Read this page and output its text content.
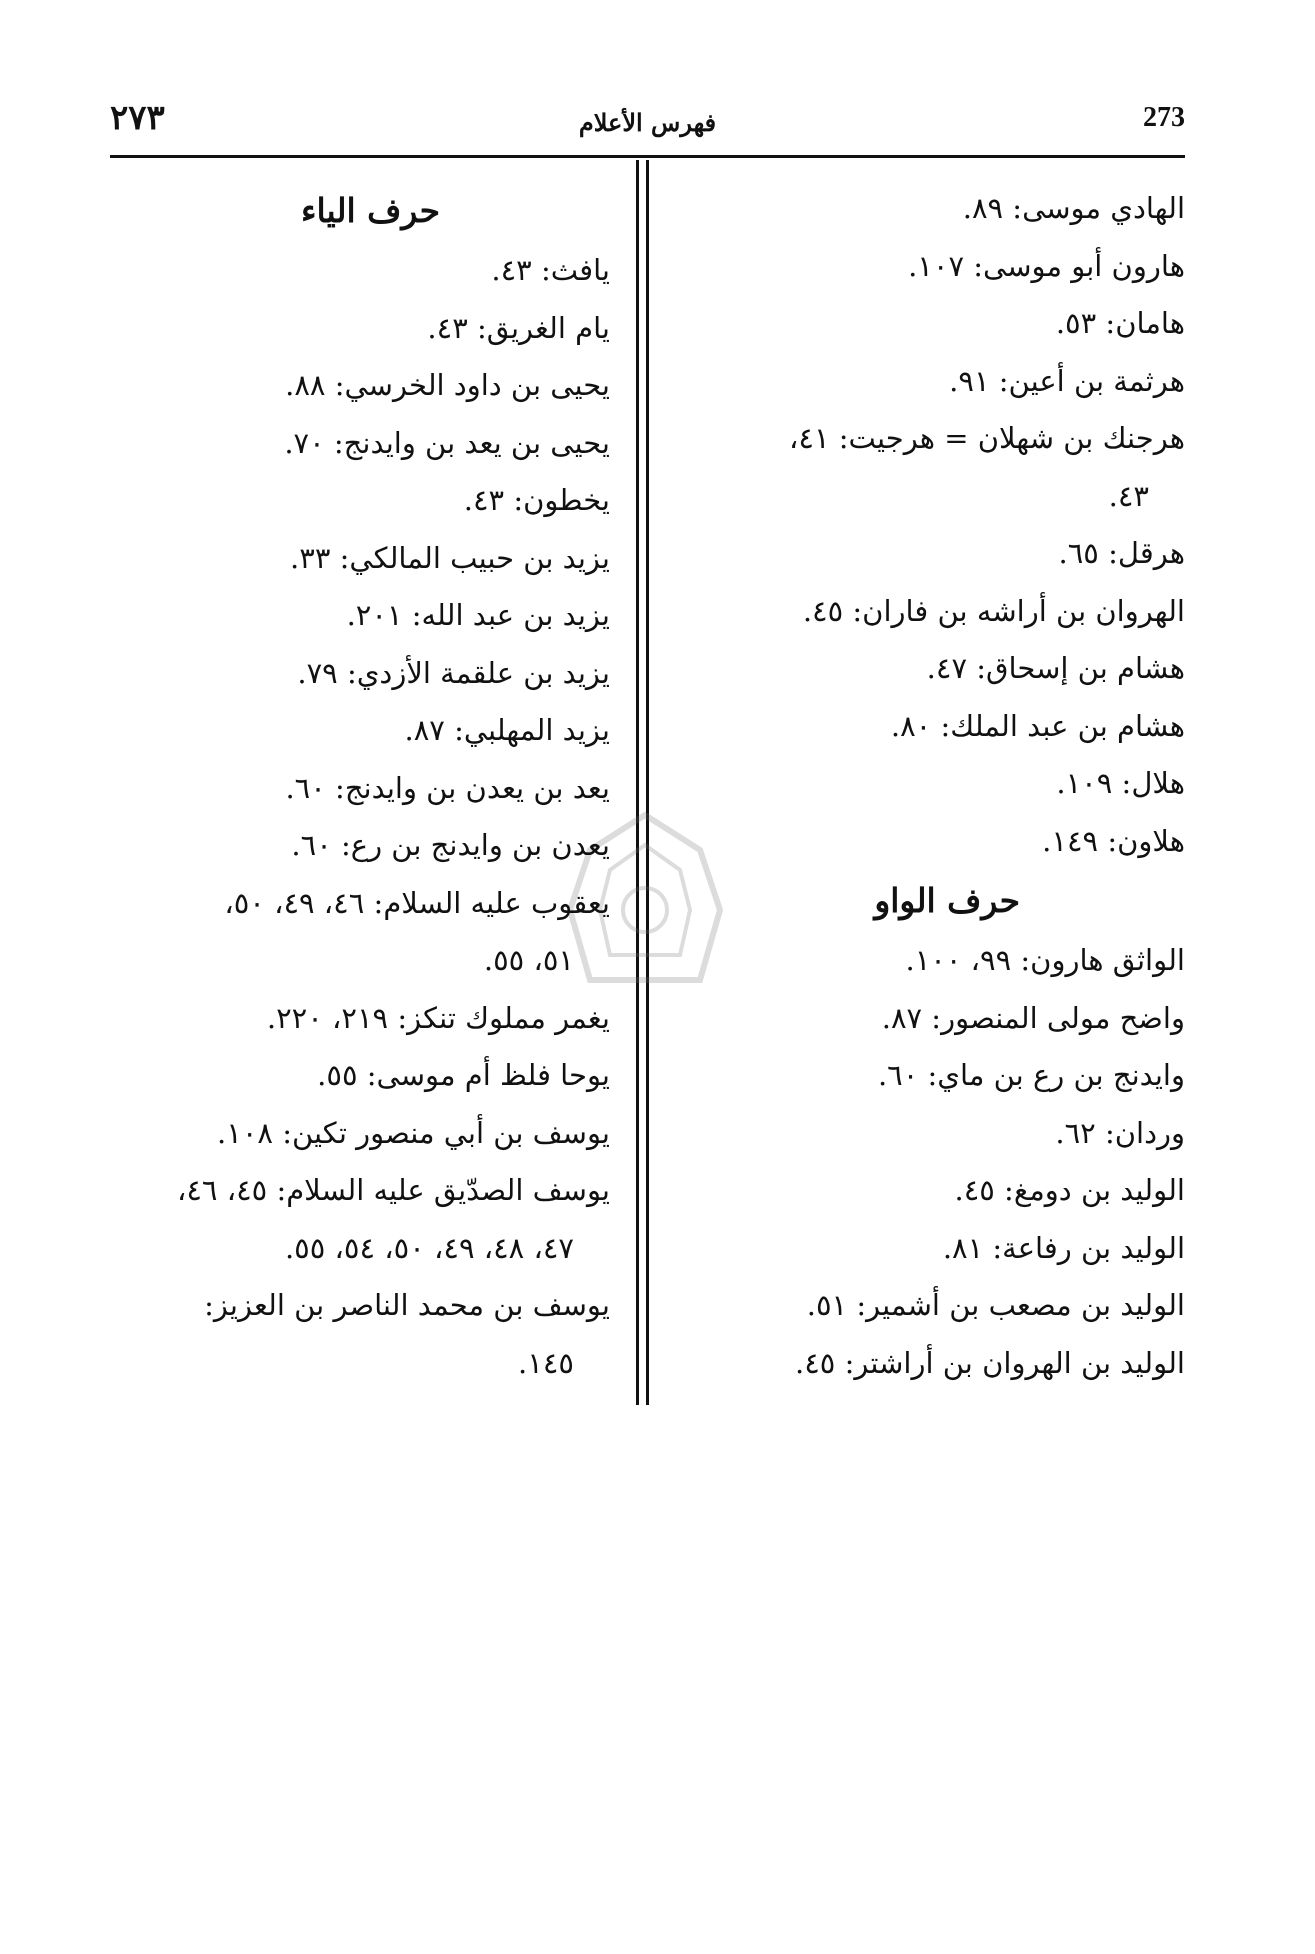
٢٧٣	فهرس الأعلام	273
حرف الياء
يافث: ٤٣.
يام الغريق: ٤٣.
يحيى بن داود الخرسي: ٨٨.
يحيى بن يعد بن وايدنج: ٧٠.
يخطون: ٤٣.
يزيد بن حبيب المالكي: ٣٣.
يزيد بن عبد الله: ٢٠١.
يزيد بن علقمة الأزدي: ٧٩.
يزيد المهلبي: ٨٧.
يعد بن يعدن بن وايدنج: ٦٠.
يعدن بن وايدنج بن رع: ٦٠.
يعقوب عليه السلام: ٤٦، ٤٩، ٥٠،
٥١، ٥٥.
يغمر مملوك تنكز: ٢١٩، ٢٢٠.
يوحا فلظ أم موسى: ٥٥.
يوسف بن أبي منصور تكين: ١٠٨.
يوسف الصدّيق عليه السلام: ٤٥، ٤٦،
٤٧، ٤٨، ٤٩، ٥٠، ٥٤، ٥٥.
يوسف بن محمد الناصر بن العزيز:
١٤٥.
الهادي موسى: ٨٩.
هارون أبو موسى: ١٠٧.
هامان: ٥٣.
هرثمة بن أعين: ٩١.
هرجنك بن شهلان = هرجيت: ٤١،
٤٣.
هرقل: ٦٥.
الهروان بن أراشه بن فاران: ٤٥.
هشام بن إسحاق: ٤٧.
هشام بن عبد الملك: ٨٠.
هلال: ١٠٩.
هلاون: ١٤٩.
حرف الواو
الواثق هارون: ٩٩، ١٠٠.
واضح مولى المنصور: ٨٧.
وايدنج بن رع بن ماي: ٦٠.
وردان: ٦٢.
الوليد بن دومغ: ٤٥.
الوليد بن رفاعة: ٨١.
الوليد بن مصعب بن أشمير: ٥١.
الوليد بن الهروان بن أراشتر: ٤٥.
